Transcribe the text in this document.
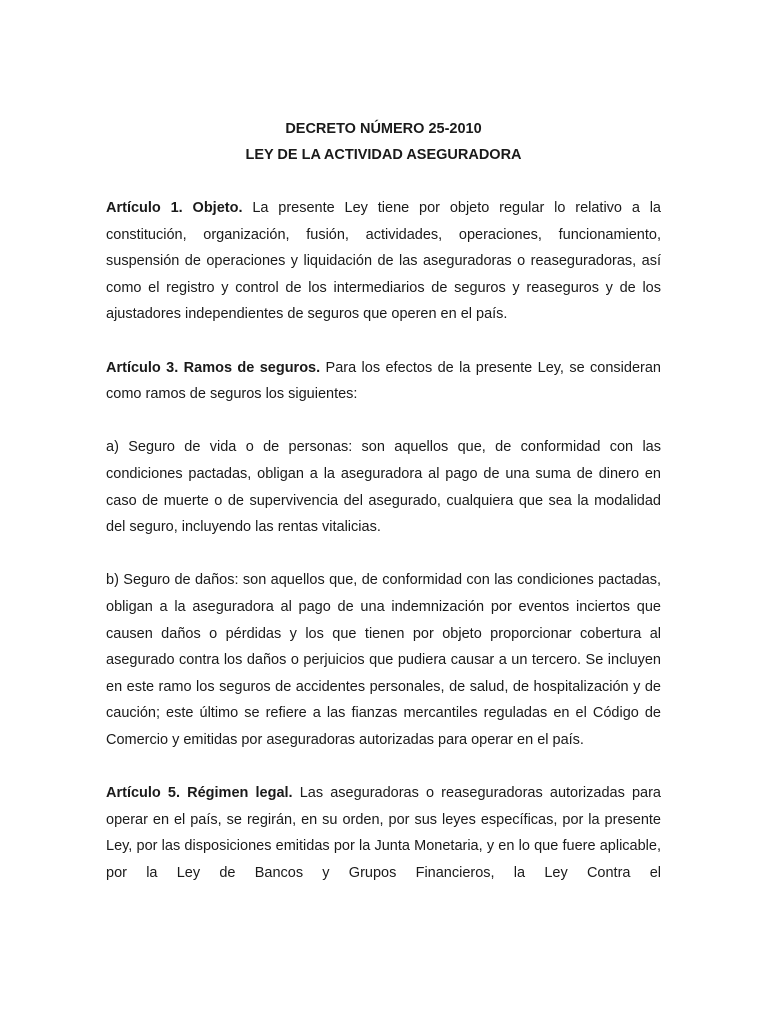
DECRETO NÚMERO 25-2010

LEY DE LA ACTIVIDAD ASEGURADORA

Artículo 1. Objeto. La presente Ley tiene por objeto regular lo relativo a la constitución, organización, fusión, actividades, operaciones, funcionamiento, suspensión de operaciones y liquidación de las aseguradoras o reaseguradoras, así como el registro y control de los intermediarios de seguros y reaseguros y de los ajustadores independientes de seguros que operen en el país.

Artículo 3. Ramos de seguros. Para los efectos de la presente Ley, se consideran como ramos de seguros los siguientes:

a) Seguro de vida o de personas: son aquellos que, de conformidad con las condiciones pactadas, obligan a la aseguradora al pago de una suma de dinero en caso de muerte o de supervivencia del asegurado, cualquiera que sea la modalidad del seguro, incluyendo las rentas vitalicias.

b) Seguro de daños: son aquellos que, de conformidad con las condiciones pactadas, obligan a la aseguradora al pago de una indemnización por eventos inciertos que causen daños o pérdidas y los que tienen por objeto proporcionar cobertura al asegurado contra los daños o perjuicios que pudiera causar a un tercero. Se incluyen en este ramo los seguros de accidentes personales, de salud, de hospitalización y de caución; este último se refiere a las fianzas mercantiles reguladas en el Código de Comercio y emitidas por aseguradoras autorizadas para operar en el país.

Artículo 5. Régimen legal. Las aseguradoras o reaseguradoras autorizadas para operar en el país, se regirán, en su orden, por sus leyes específicas, por la presente Ley, por las disposiciones emitidas por la Junta Monetaria, y en lo que fuere aplicable, por la Ley de Bancos y Grupos Financieros, la Ley Contra el
